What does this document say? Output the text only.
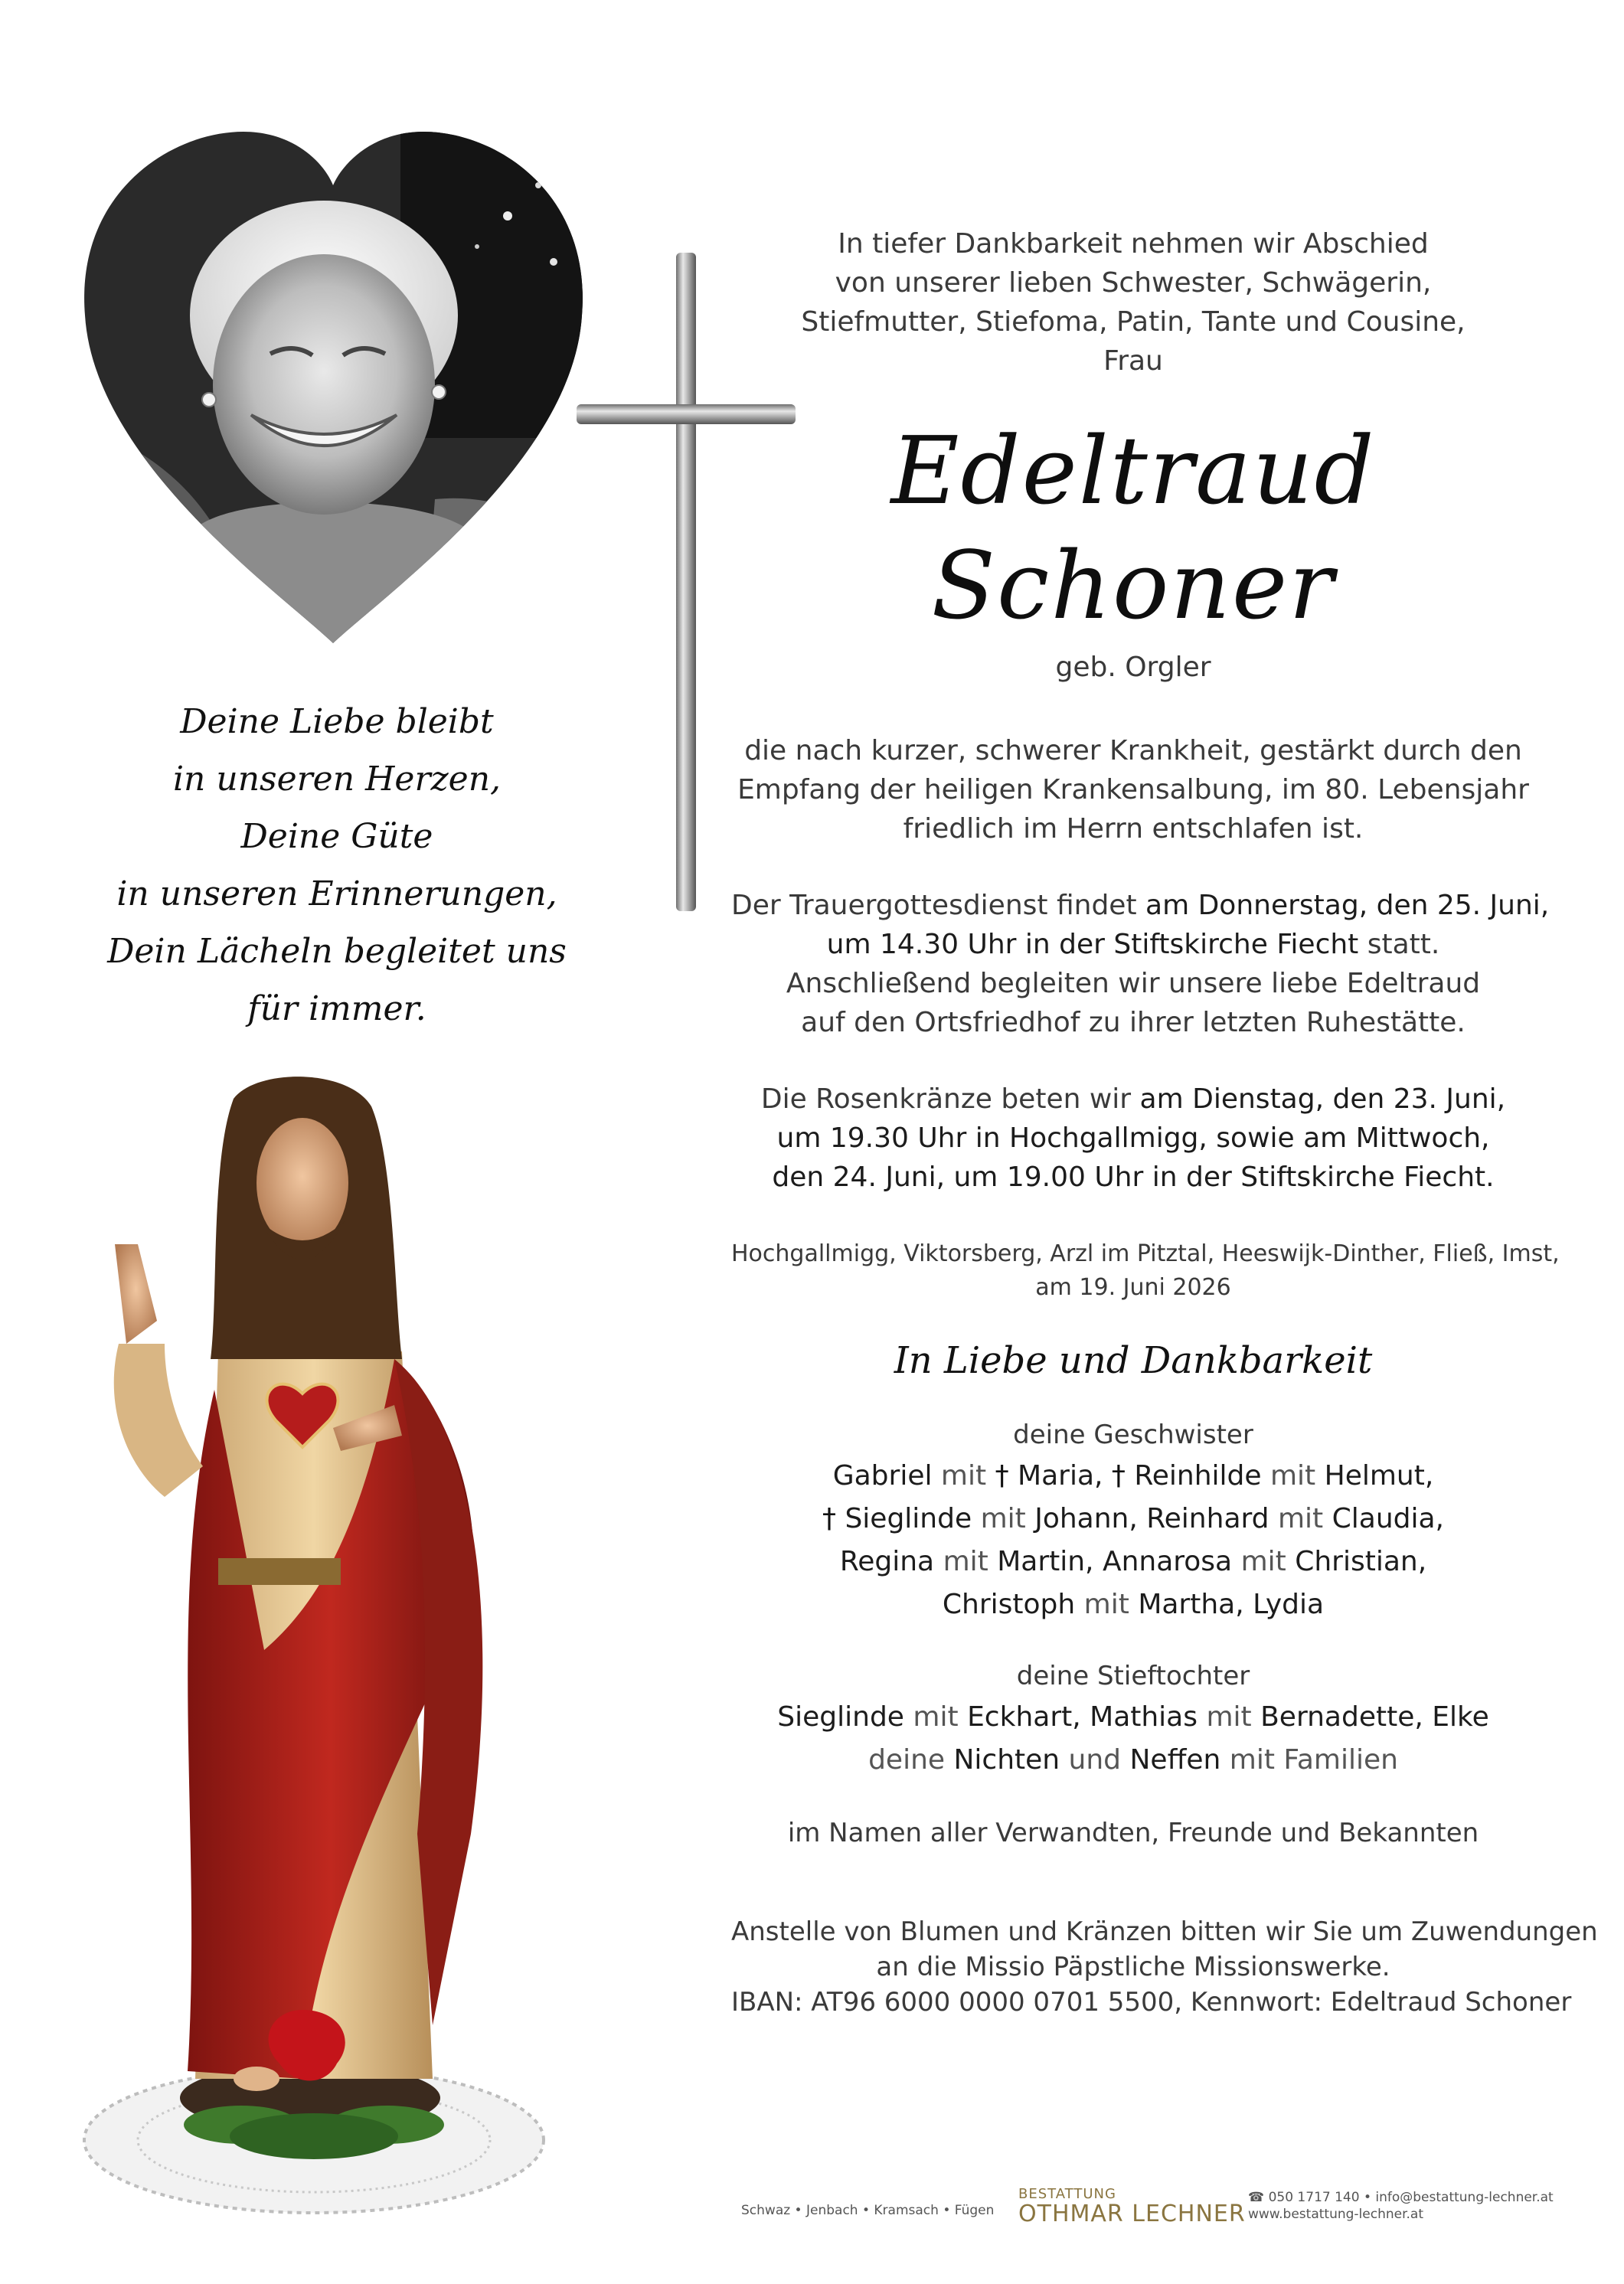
Deine Liebe bleibt
in unseren Herzen,
Deine Güte
in unseren Erinnerungen,
Dein Lächeln begleitet uns
für immer.
In tiefer Dankbarkeit nehmen wir Abschied
von unserer lieben Schwester, Schwägerin,
Stiefmutter, Stiefoma, Patin, Tante und Cousine,
Frau
Edeltraud
Schoner
geb. Orgler
die nach kurzer, schwerer Krankheit, gestärkt durch den
Empfang der heiligen Krankensalbung, im 80. Lebensjahr
friedlich im Herrn entschlafen ist.
Der Trauergottesdienst findet am Donnerstag, den 25. Juni,
um 14.30 Uhr in der Stiftskirche Fiecht statt.
Anschließend begleiten wir unsere liebe Edeltraud
auf den Ortsfriedhof zu ihrer letzten Ruhestätte.
Die Rosenkränze beten wir am Dienstag, den 23. Juni,
um 19.30 Uhr in Hochgallmigg, sowie am Mittwoch,
den 24. Juni, um 19.00 Uhr in der Stiftskirche Fiecht.
Hochgallmigg, Viktorsberg, Arzl im Pitztal, Heeswijk-Dinther, Fließ, Imst,
am 19. Juni 2026
In Liebe und Dankbarkeit
deine Geschwister
Gabriel mit † Maria, † Reinhilde mit Helmut,
† Sieglinde mit Johann, Reinhard mit Claudia,
Regina mit Martin, Annarosa mit Christian,
Christoph mit Martha, Lydia
deine Stieftochter
Sieglinde mit Eckhart, Mathias mit Bernadette, Elke
deine Nichten und Neffen mit Familien
im Namen aller Verwandten, Freunde und Bekannten
Anstelle von Blumen und Kränzen bitten wir Sie um Zuwendungen
an die Missio Päpstliche Missionswerke.
IBAN: AT96 6000 0000 0701 5500, Kennwort: Edeltraud Schoner
Schwaz • Jenbach • Kramsach • Fügen
BESTATTUNG
OTHMAR LECHNER
☎ 050 1717 140 • info@bestattung-lechner.at
www.bestattung-lechner.at
